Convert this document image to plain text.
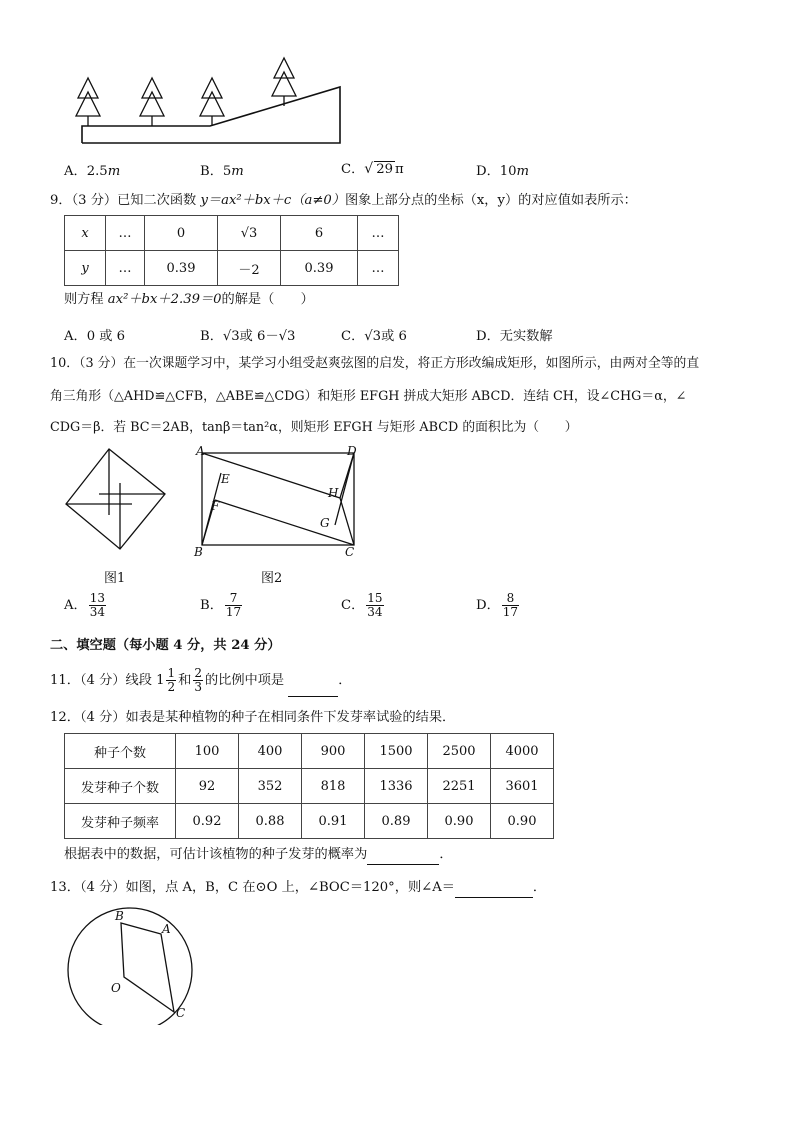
A．2.5m	B．5m	C．√ 29 π	D．10m
9．（3 分）已知二次函数 y＝ax²＋bx＋c（a≠0）图象上部分点的坐标（x，y）的对应值如表所示：
x	…	0	√3	6	…
y	…	0.39	－2	0.39	…
则方程 ax²＋bx＋2.39＝0的解是（　　）
A．0 或 6	B．√3或 6－√3	C．√3或 6	D．无实数解
10．（3 分）在一次课题学习中，某学习小组受赵爽弦图的启发，将正方形改编成矩形，如图所示，由两对全等的直
角三角形（△AHD≌△CFB，△ABE≌△CDG）和矩形 EFGH 拼成大矩形 ABCD．连结 CH，设∠CHG＝α，∠
CDG＝β．若 BC＝2AB，tanβ＝tan²α，则矩形 EFGH 与矩形 ABCD 的面积比为（　　）
图1
A	D
B	C
E
F
G
H
图2
A． $\frac{13}{34}$	B． $\frac{7}{17}$	C． $\frac{15}{34}$	D． $\frac{8}{17}$
二、填空题（每小题 4 分，共 24 分）
11．（4 分）线段 $1 \frac{1}{2}$ 和 $\frac{2}{3}$ 的比例中项是	．
12．（4 分）如表是某种植物的种子在相同条件下发芽率试验的结果．
种子个数	100	400	900	1500	2500	4000
发芽种子个数	92	352	818	1336	2251	3601
发芽种子频率	0.92	0.88	0.91	0.89	0.90	0.90
根据表中的数据，可估计该植物的种子发芽的概率为	．
13．（4 分）如图，点 A，B，C 在⊙O 上，∠BOC＝120°，则∠A＝	．
B
A
O
C
